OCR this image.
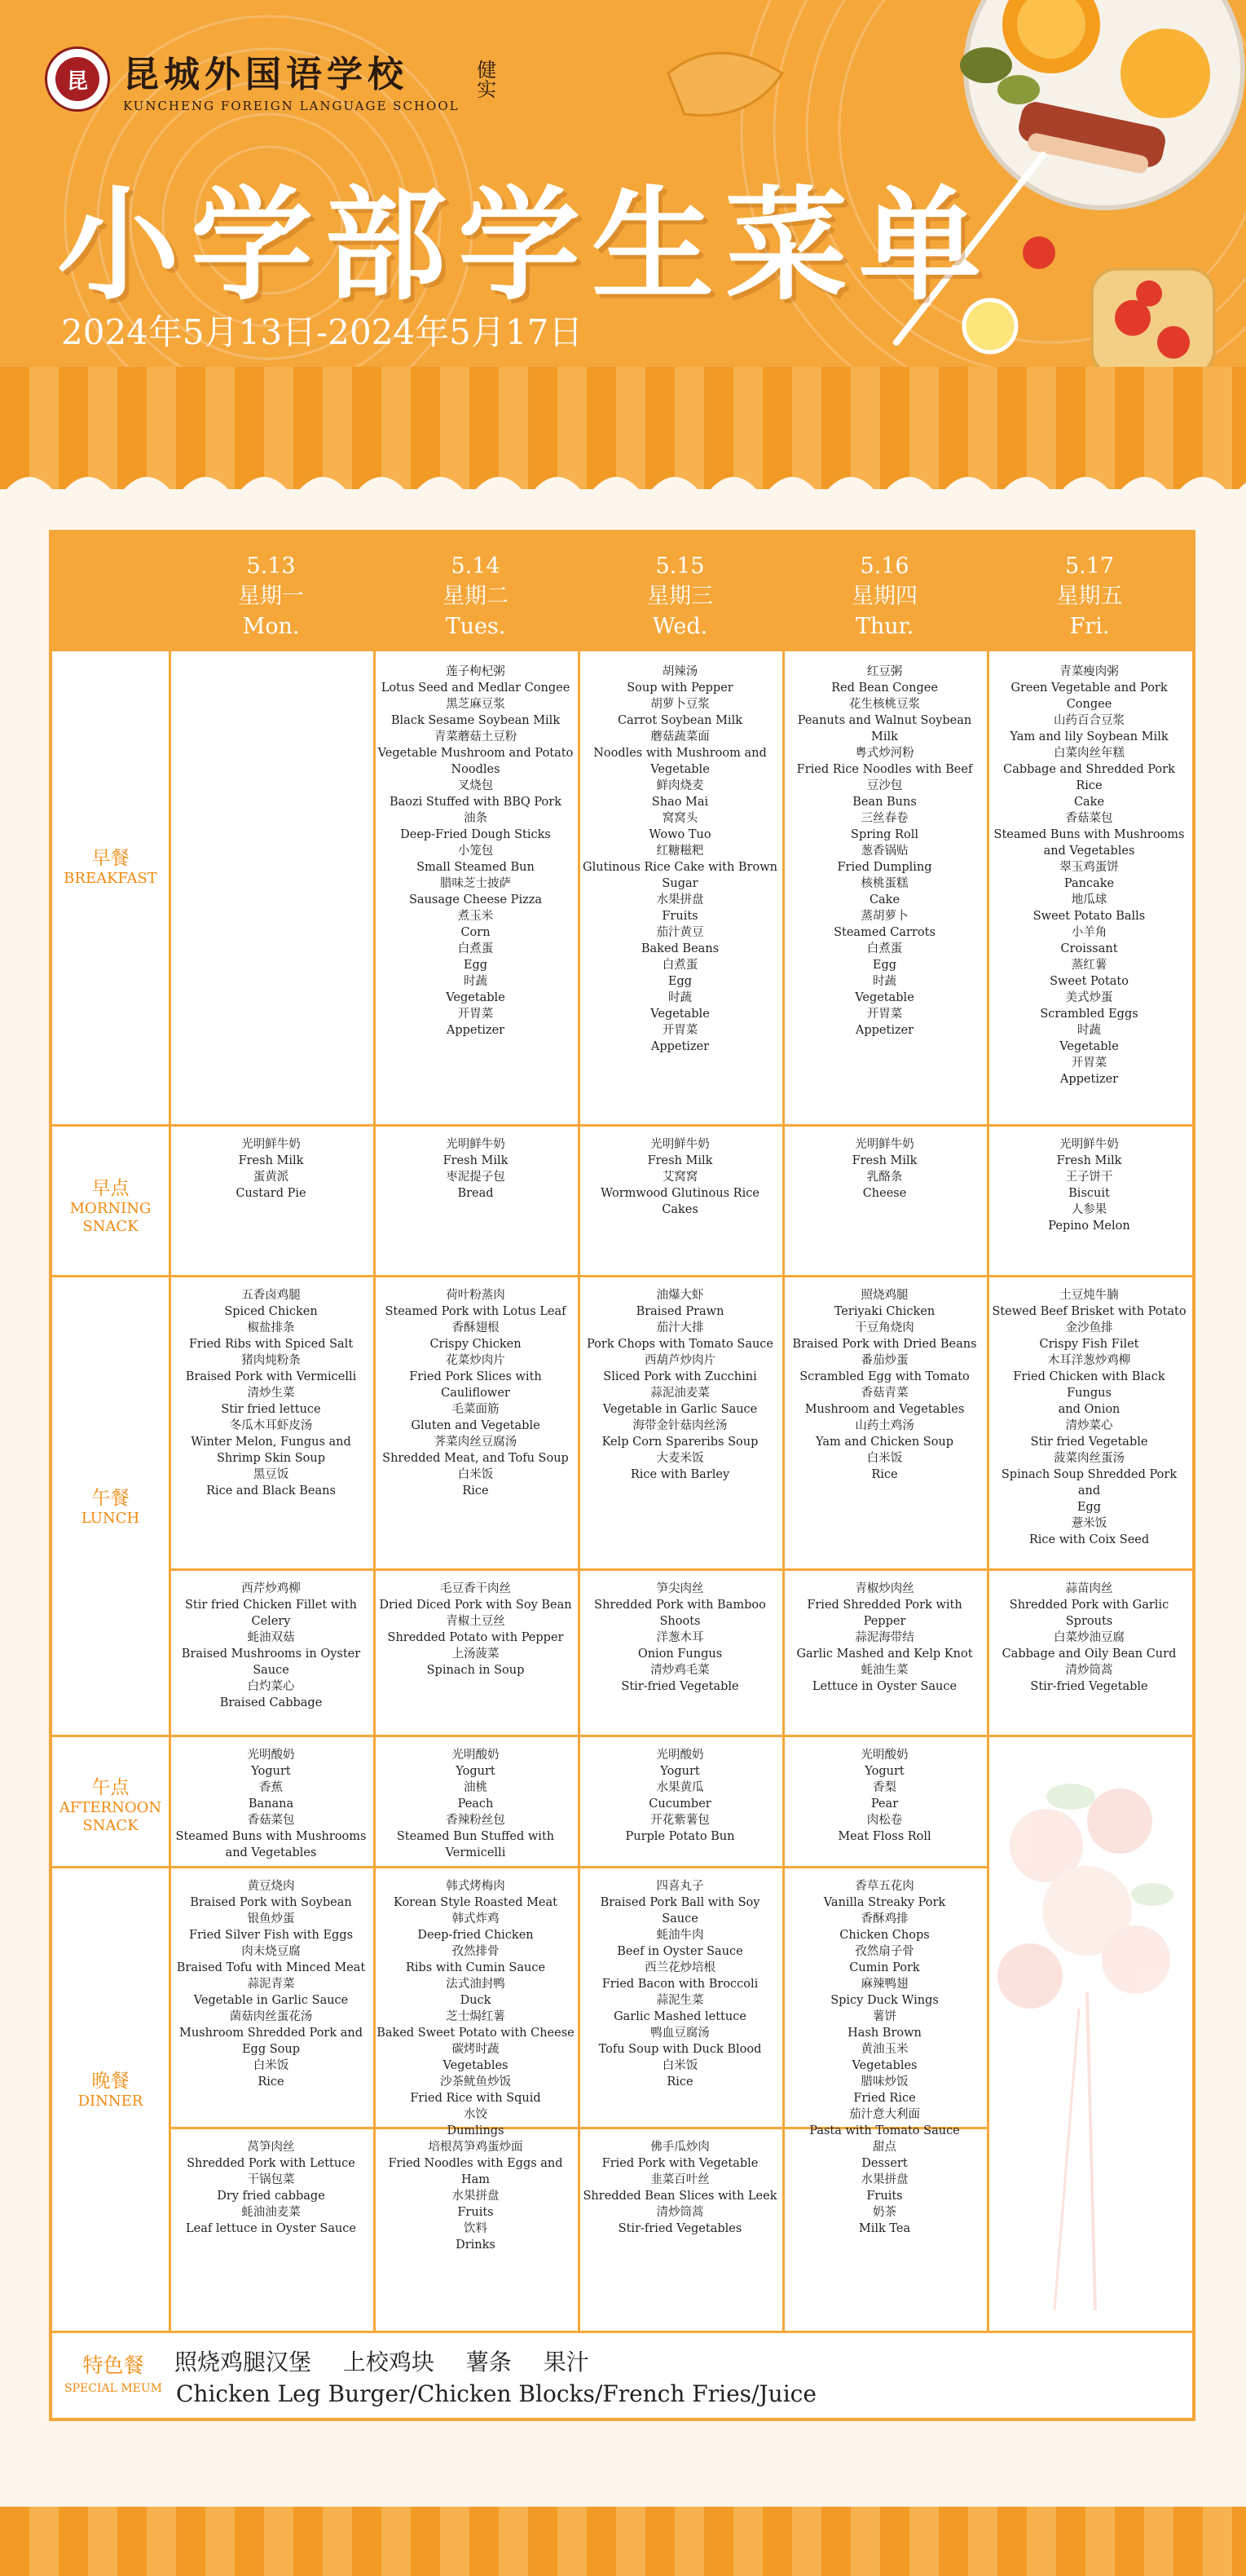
昆 昆城外国语学校
KUNCHENG FOREIGN LANGUAGE SCHOOL
健实
小学部学生菜单
2024年5月13日-2024年5月17日
5.13
星期一
Mon.
5.14
星期二
Tues.
5.15
星期三
Wed.
5.16
星期四
Thur.
5.17
星期五
Fri.
早餐
BREAKFAST
早点
MORNING
SNACK
午餐
LUNCH
午点
AFTERNOON
SNACK
晚餐
DINNER
莲子枸杞粥
Lotus Seed and Medlar Congee
黑芝麻豆浆
Black Sesame Soybean Milk
青菜蘑菇土豆粉
Vegetable Mushroom and Potato
Noodles
叉烧包
Baozi Stuffed with BBQ Pork
油条
Deep-Fried Dough Sticks
小笼包
Small Steamed Bun
腊味芝士披萨
Sausage Cheese Pizza
煮玉米
Corn
白煮蛋
Egg
时蔬
Vegetable
开胃菜
Appetizer
胡辣汤
Soup with Pepper
胡萝卜豆浆
Carrot Soybean Milk
蘑菇蔬菜面
Noodles with Mushroom and
Vegetable
鲜肉烧麦
Shao Mai
窝窝头
Wowo Tuo
红糖糍粑
Glutinous Rice Cake with Brown
Sugar
水果拼盘
Fruits
茄汁黄豆
Baked Beans
白煮蛋
Egg
时蔬
Vegetable
开胃菜
Appetizer
红豆粥
Red Bean Congee
花生核桃豆浆
Peanuts and Walnut Soybean Milk
粤式炒河粉
Fried Rice Noodles with Beef
豆沙包
Bean Buns
三丝春卷
Spring Roll
葱香锅贴
Fried Dumpling
核桃蛋糕
Cake
蒸胡萝卜
Steamed Carrots
白煮蛋
Egg
时蔬
Vegetable
开胃菜
Appetizer
青菜瘦肉粥
Green Vegetable and Pork Congee
山药百合豆浆
Yam and lily Soybean Milk
白菜肉丝年糕
Cabbage and Shredded Pork Rice
Cake
香菇菜包
Steamed Buns with Mushrooms
and Vegetables
翠玉鸡蛋饼
Pancake
地瓜球
Sweet Potato Balls
小羊角
Croissant
蒸红薯
Sweet Potato
美式炒蛋
Scrambled Eggs
时蔬
Vegetable
开胃菜
Appetizer
光明鲜牛奶
Fresh Milk
蛋黄派
Custard Pie
光明鲜牛奶
Fresh Milk
枣泥提子包
Bread
光明鲜牛奶
Fresh Milk
艾窝窝
Wormwood Glutinous Rice Cakes
光明鲜牛奶
Fresh Milk
乳酪条
Cheese
光明鲜牛奶
Fresh Milk
王子饼干
Biscuit
人参果
Pepino Melon
五香卤鸡腿
Spiced Chicken
椒盐排条
Fried Ribs with Spiced Salt
猪肉炖粉条
Braised Pork with Vermicelli
清炒生菜
Stir fried lettuce
冬瓜木耳虾皮汤
Winter Melon, Fungus and
Shrimp Skin Soup
黑豆饭
Rice and Black Beans
荷叶粉蒸肉
Steamed Pork with Lotus Leaf
香酥翅根
Crispy Chicken
花菜炒肉片
Fried Pork Slices with Cauliflower
毛菜面筋
Gluten and Vegetable
荠菜肉丝豆腐汤
Shredded Meat, and Tofu Soup
白米饭
Rice
油爆大虾
Braised Prawn
茄汁大排
Pork Chops with Tomato Sauce
西葫芦炒肉片
Sliced Pork with Zucchini
蒜泥油麦菜
Vegetable in Garlic Sauce
海带金针菇肉丝汤
Kelp Corn Spareribs Soup
大麦米饭
Rice with Barley
照烧鸡腿
Teriyaki Chicken
干豆角烧肉
Braised Pork with Dried Beans
番茄炒蛋
Scrambled Egg with Tomato
香菇青菜
Mushroom and Vegetables
山药土鸡汤
Yam and Chicken Soup
白米饭
Rice
土豆炖牛腩
Stewed Beef Brisket with Potato
金沙鱼排
Crispy Fish Filet
木耳洋葱炒鸡柳
Fried Chicken with Black Fungus
and Onion
清炒菜心
Stir fried Vegetable
菠菜肉丝蛋汤
Spinach Soup Shredded Pork and
Egg
薏米饭
Rice with Coix Seed
西芹炒鸡柳
Stir fried Chicken Fillet with
Celery
蚝油双菇
Braised Mushrooms in Oyster
Sauce
白灼菜心
Braised Cabbage
毛豆香干肉丝
Dried Diced Pork with Soy Bean
青椒土豆丝
Shredded Potato with Pepper
上汤菠菜
Spinach in Soup
笋尖肉丝
Shredded Pork with Bamboo
Shoots
洋葱木耳
Onion Fungus
清炒鸡毛菜
Stir-fried Vegetable
青椒炒肉丝
Fried Shredded Pork with Pepper
蒜泥海带结
Garlic Mashed and Kelp Knot
蚝油生菜
Lettuce in Oyster Sauce
蒜苗肉丝
Shredded Pork with Garlic
Sprouts
白菜炒油豆腐
Cabbage and Oily Bean Curd
清炒筒蒿
Stir-fried Vegetable
光明酸奶
Yogurt
香蕉
Banana
香菇菜包
Steamed Buns with Mushrooms
and Vegetables
光明酸奶
Yogurt
油桃
Peach
香辣粉丝包
Steamed Bun Stuffed with
Vermicelli
光明酸奶
Yogurt
水果黄瓜
Cucumber
开花紫薯包
Purple Potato Bun
光明酸奶
Yogurt
香梨
Pear
肉松卷
Meat Floss Roll
黄豆烧肉
Braised Pork with Soybean
银鱼炒蛋
Fried Silver Fish with Eggs
肉末烧豆腐
Braised Tofu with Minced Meat
蒜泥青菜
Vegetable in Garlic Sauce
菌菇肉丝蛋花汤
Mushroom Shredded Pork and
Egg Soup
白米饭
Rice
韩式烤梅肉
Korean Style Roasted Meat
韩式炸鸡
Deep-fried Chicken
孜然排骨
Ribs with Cumin Sauce
法式油封鸭
Duck
芝士焗红薯
Baked Sweet Potato with Cheese
碳烤时蔬
Vegetables
沙茶鱿鱼炒饭
Fried Rice with Squid
水饺
Dumlings
四喜丸子
Braised Pork Ball with Soy Sauce
蚝油牛肉
Beef in Oyster Sauce
西兰花炒培根
Fried Bacon with Broccoli
蒜泥生菜
Garlic Mashed lettuce
鸭血豆腐汤
Tofu Soup with Duck Blood
白米饭
Rice
香草五花肉
Vanilla Streaky Pork
香酥鸡排
Chicken Chops
孜然扇子骨
Cumin Pork
麻辣鸭翅
Spicy Duck Wings
薯饼
Hash Brown
黄油玉米
Vegetables
腊味炒饭
Fried Rice
茄汁意大利面
Pasta with Tomato Sauce
莴笋肉丝
Shredded Pork with Lettuce
干锅包菜
Dry fried cabbage
蚝油油麦菜
Leaf lettuce in Oyster Sauce
培根莴笋鸡蛋炒面
Fried Noodles with Eggs and
Ham
水果拼盘
Fruits
饮料
Drinks
佛手瓜炒肉
Fried Pork with Vegetable
韭菜百叶丝
Shredded Bean Slices with Leek
清炒筒蒿
Stir-fried Vegetables
甜点
Dessert
水果拼盘
Fruits
奶茶
Milk Tea
特色餐
SPECIAL MEUM
照烧鸡腿汉堡 上校鸡块 薯条 果汁
Chicken Leg Burger/Chicken Blocks/French Fries/Juice
